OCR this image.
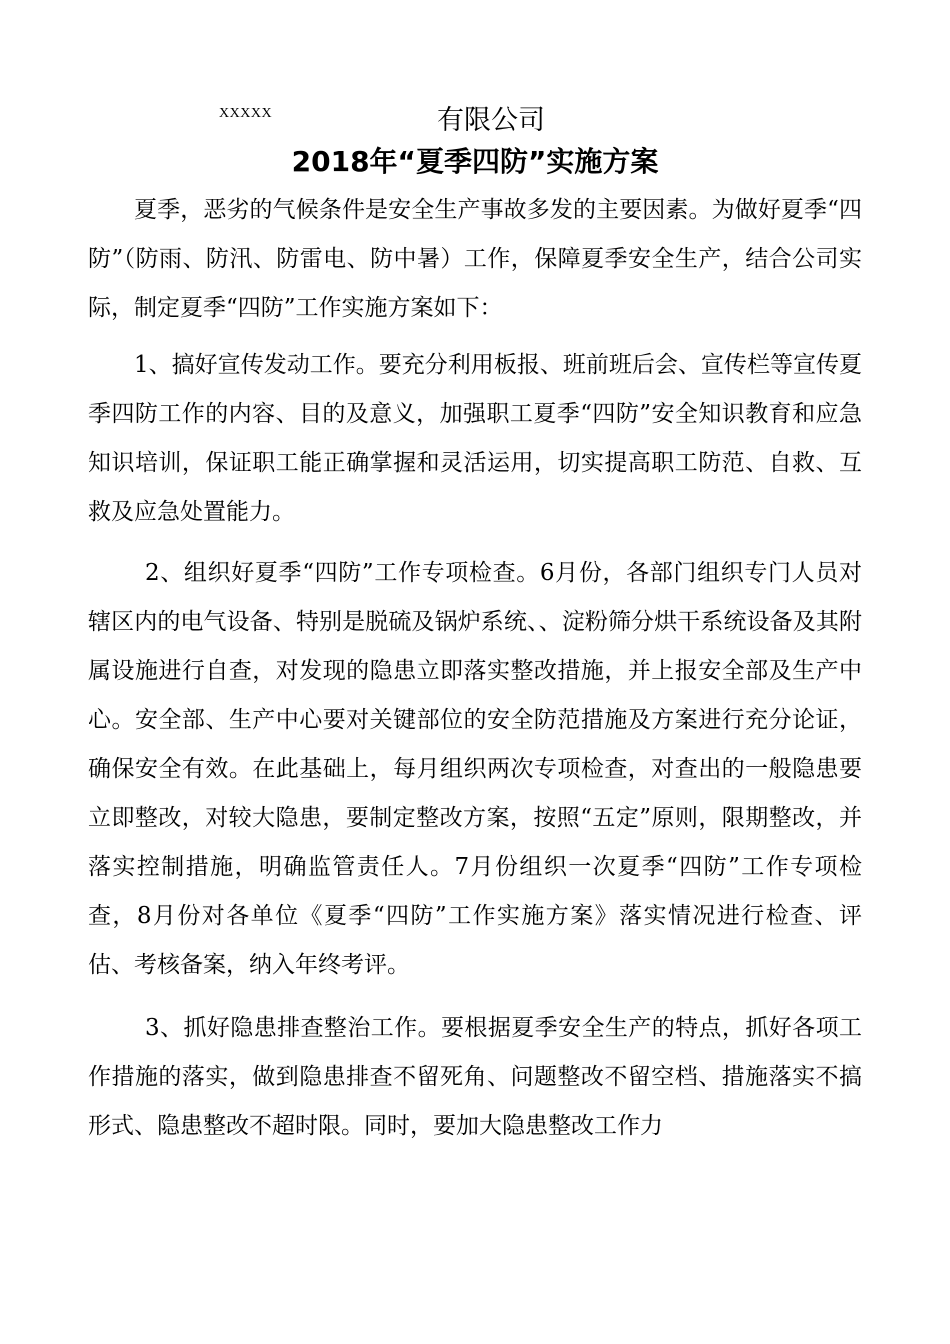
XXXXX	有限公司
2018年“夏季四防”实施方案

夏季，恶劣的气候条件是安全生产事故多发的主要因素。为做好夏季“四防”（防雨、防汛、防雷电、防中暑）工作，保障夏季安全生产，结合公司实际，制定夏季“四防”工作实施方案如下：

1、搞好宣传发动工作。要充分利用板报、班前班后会、宣传栏等宣传夏季四防工作的内容、目的及意义，加强职工夏季“四防”安全知识教育和应急知识培训，保证职工能正确掌握和灵活运用，切实提高职工防范、自救、互救及应急处置能力。

2、组织好夏季“四防”工作专项检查。6月份，各部门组织专门人员对辖区内的电气设备、特别是脱硫及锅炉系统、、淀粉筛分烘干系统设备及其附属设施进行自查，对发现的隐患立即落实整改措施，并上报安全部及生产中心。安全部、生产中心要对关键部位的安全防范措施及方案进行充分论证，确保安全有效。在此基础上，每月组织两次专项检查，对查出的一般隐患要立即整改，对较大隐患，要制定整改方案，按照“五定”原则，限期整改，并落实控制措施，明确监管责任人。7月份组织一次夏季“四防”工作专项检查，8月份对各单位《夏季“四防”工作实施方案》落实情况进行检查、评估、考核备案，纳入年终考评。

3、抓好隐患排查整治工作。要根据夏季安全生产的特点，抓好各项工作措施的落实，做到隐患排查不留死角、问题整改不留空档、措施落实不搞形式、隐患整改不超时限。同时，要加大隐患整改工作力
